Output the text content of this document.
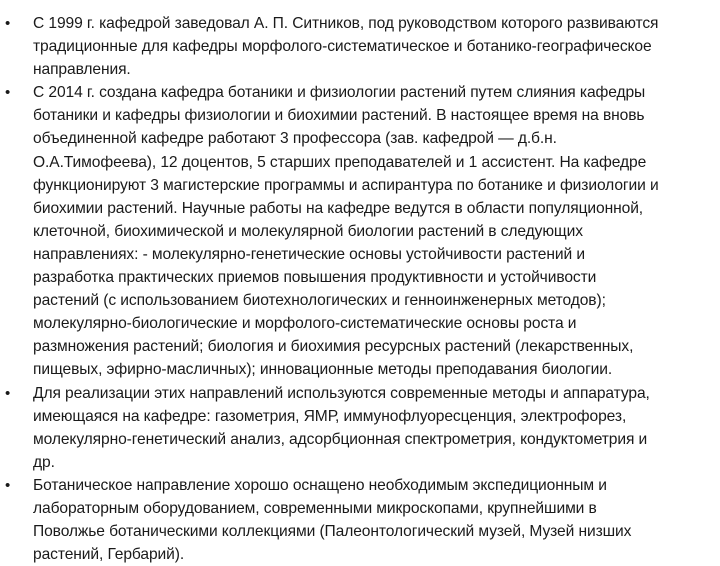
• С 1999 г. кафедрой заведовал А. П. Ситников, под руководством которого развиваются
традиционные для кафедры морфолого-систематическое и ботанико-географическое
направления.
• С 2014 г. создана кафедра ботаники и физиологии растений путем слияния кафедры
ботаники и кафедры физиологии и биохимии растений. В настоящее время на вновь
объединенной кафедре работают 3 профессора (зав. кафедрой — д.б.н.
О.А.Тимофеева), 12 доцентов, 5 старших преподавателей и 1 ассистент. На кафедре
функционируют 3 магистерские программы и аспирантура по ботанике и физиологии и
биохимии растений. Научные работы на кафедре ведутся в области популяционной,
клеточной, биохимической и молекулярной биологии растений в следующих
направлениях: - молекулярно-генетические основы устойчивости растений и
разработка практических приемов повышения продуктивности и устойчивости
растений (с использованием биотехнологических и генноинженерных методов);
молекулярно-биологические и морфолого-систематические основы роста и
размножения растений; биология и биохимия ресурсных растений (лекарственных,
пищевых, эфирно-масличных); инновационные методы преподавания биологии.
• Для реализации этих направлений используются современные методы и аппаратура,
имеющаяся на кафедре: газометрия, ЯМР, иммунофлуоресценция, электрофорез,
молекулярно-генетический анализ, адсорбционная спектрометрия, кондуктометрия и
др.
• Ботаническое направление хорошо оснащено необходимым экспедиционным и
лабораторным оборудованием, современными микроскопами, крупнейшими в
Поволжье ботаническими коллекциями (Палеонтологический музей, Музей низших
растений, Гербарий).
